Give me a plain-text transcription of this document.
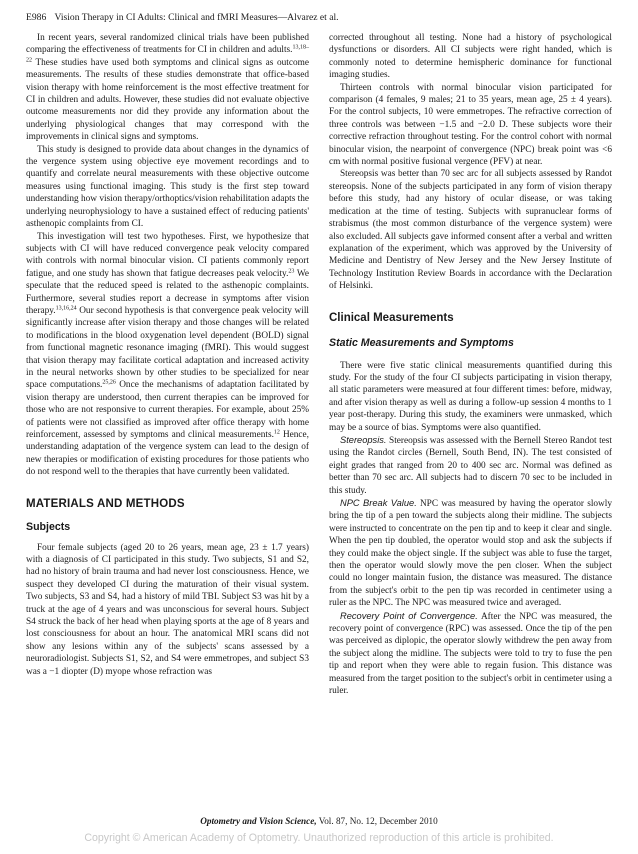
E986 Vision Therapy in CI Adults: Clinical and fMRI Measures—Alvarez et al.

In recent years, several randomized clinical trials have been published comparing the effectiveness of treatments for CI in children and adults.$^{13,18-22}$ These studies have used both symptoms and clinical signs as outcome measurements. The results of these studies demonstrate that office-based vision therapy with home reinforcement is the most effective treatment for CI in children and adults. However, these studies did not evaluate objective outcome measurements nor did they provide any information about the underlying physiological changes that may correspond with the improvements in clinical signs and symptoms.

This study is designed to provide data about changes in the dynamics of the vergence system using objective eye movement recordings and to quantify and correlate neural measurements with these objective outcome measures using functional imaging. This study is the first step toward understanding how vision therapy/orthoptics/vision rehabilitation adapts the underlying neurophysiology to have a sustained effect of reducing patients' asthenopic complaints from CI.

This investigation will test two hypotheses. First, we hypothesize that subjects with CI will have reduced convergence peak velocity compared with controls with normal binocular vision. CI patients commonly report fatigue, and one study has shown that fatigue decreases peak velocity.$^{23}$ We speculate that the reduced speed is related to the asthenopic complaints. Furthermore, several studies report a decrease in symptoms after vision therapy.$^{13,16,24}$ Our second hypothesis is that convergence peak velocity will significantly increase after vision therapy and those changes will be related to modifications in the blood oxygenation level dependent (BOLD) signal from functional magnetic resonance imaging (fMRI). This would suggest that vision therapy may facilitate cortical adaptation and increased activity in the neural networks shown by other studies to be specialized for near space computations.$^{25,26}$ Once the mechanisms of adaptation facilitated by vision therapy are understood, then current therapies can be improved for those who are not responsive to current therapies. For example, about 25% of patients were not classified as improved after office therapy with home reinforcement, assessed by symptoms and clinical measurements.$^{12}$ Hence, understanding adaptation of the vergence system can lead to the design of new therapies or modification of existing procedures for those patients who do not respond well to the therapies that have currently been validated.

MATERIALS AND METHODS
Subjects

Four female subjects (aged 20 to 26 years, mean age, 23 ± 1.7 years) with a diagnosis of CI participated in this study. Two subjects, S1 and S2, had no history of brain trauma and had never lost consciousness. Hence, we suspect they developed CI during the maturation of their visual system. Two subjects, S3 and S4, had a history of mild TBI. Subject S3 was hit by a truck at the age of 4 years and was unconscious for several hours. Subject S4 struck the back of her head when playing sports at the age of 8 years and lost consciousness for about an hour. The anatomical MRI scans did not show any lesions within any of the subjects' scans assessed by a neuroradiologist. Subjects S1, S2, and S4 were emmetropes, and subject S3 was a −1 diopter (D) myope whose refraction was

corrected throughout all testing. None had a history of psychological dysfunctions or disorders. All CI subjects were right handed, which is commonly noted to determine hemispheric dominance for functional imaging studies.

Thirteen controls with normal binocular vision participated for comparison (4 females, 9 males; 21 to 35 years, mean age, 25 ± 4 years). For the control subjects, 10 were emmetropes. The refractive correction of three controls was between −1.5 and −2.0 D. These subjects wore their corrective refraction throughout testing. For the control cohort with normal binocular vision, the nearpoint of convergence (NPC) break point was <6 cm with normal positive fusional vergence (PFV) at near.

Stereopsis was better than 70 sec arc for all subjects assessed by Randot stereopsis. None of the subjects participated in any form of vision therapy before this study, had any history of ocular disease, or was taking medication at the time of testing. Subjects with supranuclear forms of strabismus (the most common disturbance of the vergence system) were also excluded. All subjects gave informed consent after a verbal and written explanation of the experiment, which was approved by the University of Medicine and Dentistry of New Jersey and the New Jersey Institute of Technology Institution Review Boards in accordance with the Declaration of Helsinki.

Clinical Measurements
Static Measurements and Symptoms

There were five static clinical measurements quantified during this study. For the study of the four CI subjects participating in vision therapy, all static parameters were measured at four different times: before, midway, and after vision therapy as well as during a follow-up session 4 months to 1 year post-therapy. During this study, the examiners were unmasked, which may be a source of bias. Symptoms were also quantified.

Stereopsis. Stereopsis was assessed with the Bernell Stereo Randot test using the Randot circles (Bernell, South Bend, IN). The test consisted of eight grades that ranged from 20 to 400 sec arc. Normal was defined as better than 70 sec arc. All subjects had to discern 70 sec to be included in this study.

NPC Break Value. NPC was measured by having the operator slowly bring the tip of a pen toward the subjects along their midline. The subjects were instructed to concentrate on the pen tip and to keep it clear and single. When the pen tip doubled, the operator would stop and ask the subjects if they could make the object single. If the subject was able to fuse the target, then the operator would slowly move the pen closer. When the subject could no longer maintain fusion, the distance was measured. The distance from the subject's orbit to the pen tip was recorded in centimeter using a ruler as the NPC. The NPC was measured twice and averaged.

Recovery Point of Convergence. After the NPC was measured, the recovery point of convergence (RPC) was assessed. Once the tip of the pen was perceived as diplopic, the operator slowly withdrew the pen away from the subject along the midline. The subjects were told to try to fuse the pen tip and report when they were able to regain fusion. This distance was measured from the target position to the subject's orbit in centimeter using a ruler.

Optometry and Vision Science, Vol. 87, No. 12, December 2010
Copyright © American Academy of Optometry. Unauthorized reproduction of this article is prohibited.
